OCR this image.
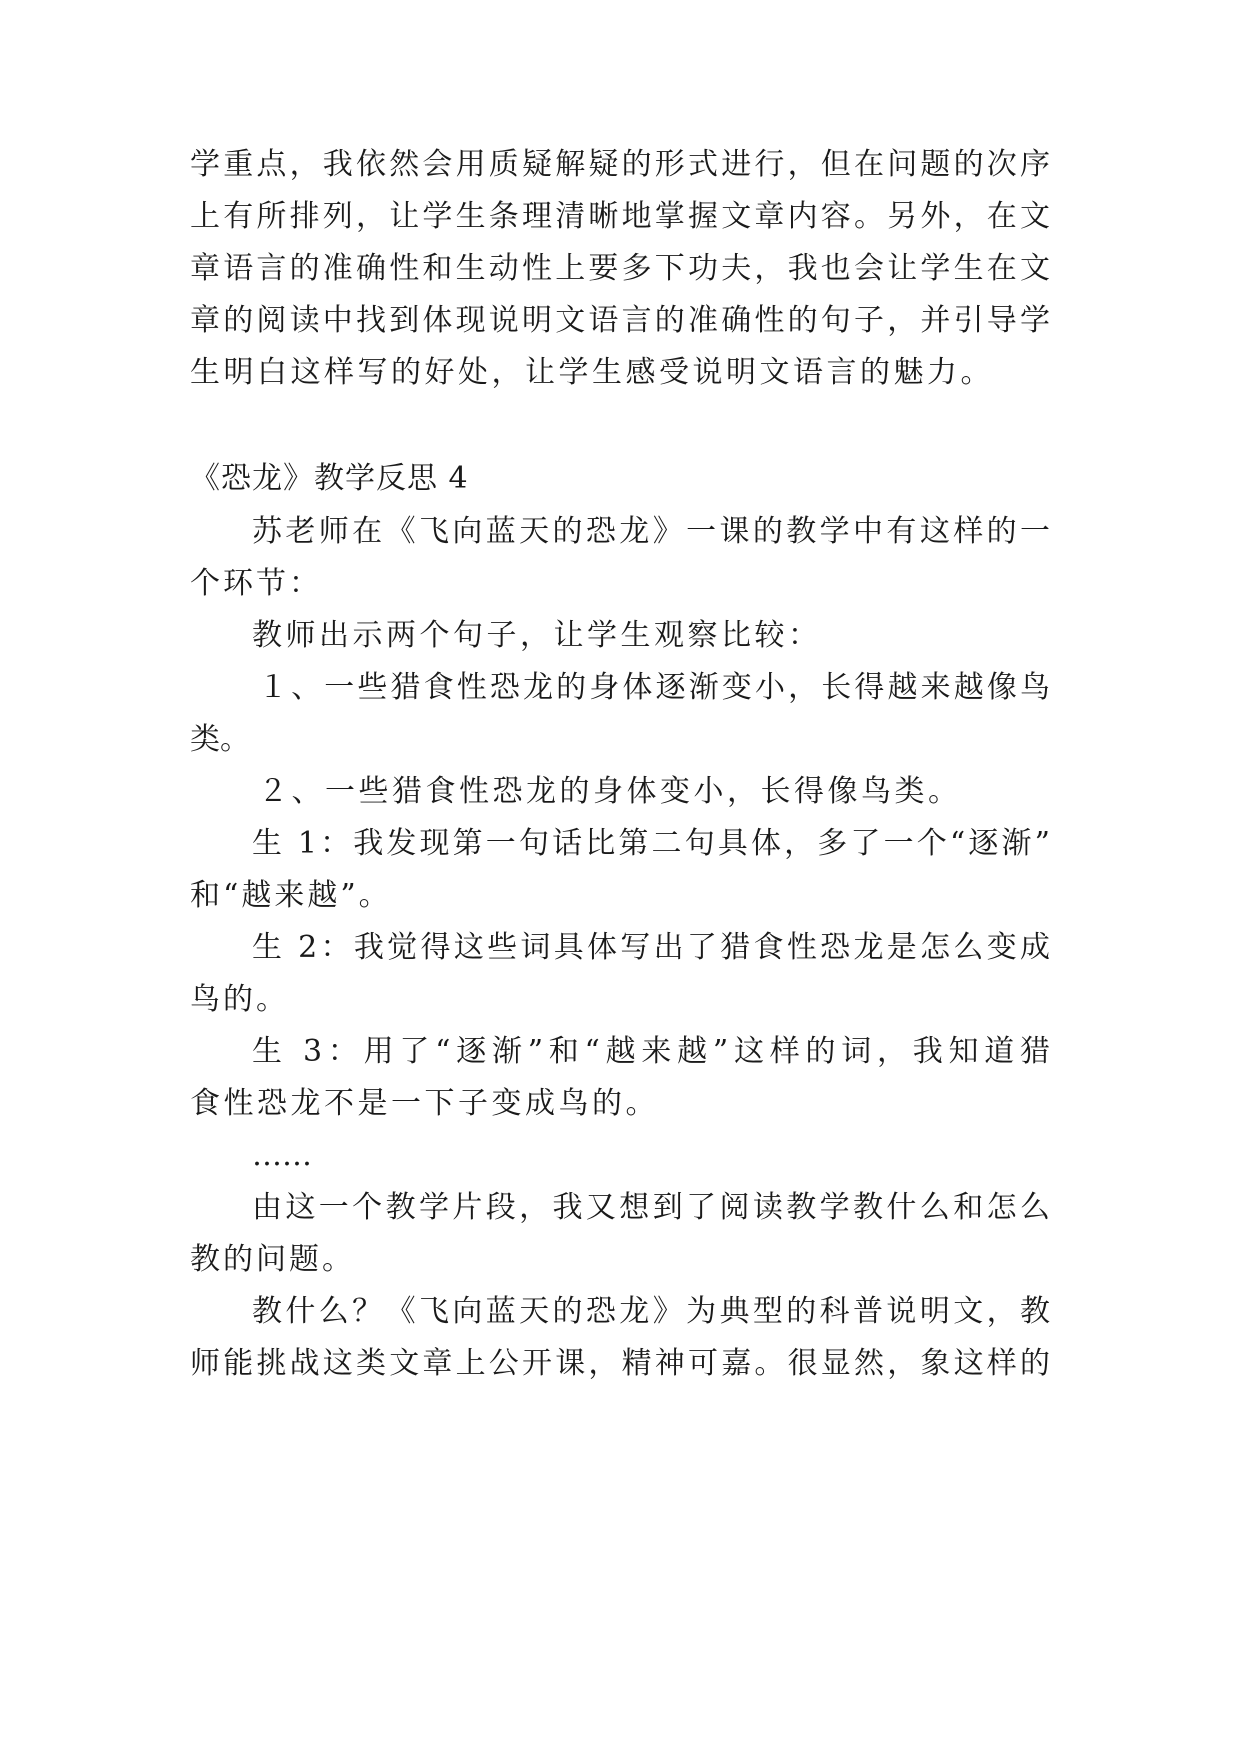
学重点，我依然会用质疑解疑的形式进行，但在问题的次序
上有所排列，让学生条理清晰地掌握文章内容。另外，在文
章语言的准确性和生动性上要多下功夫，我也会让学生在文
章的阅读中找到体现说明文语言的准确性的句子，并引导学
生明白这样写的好处，让学生感受说明文语言的魅力。
《恐龙》教学反思 4
苏老师在《飞向蓝天的恐龙》一课的教学中有这样的一
个环节：
教师出示两个句子，让学生观察比较：
１、一些猎食性恐龙的身体逐渐变小，长得越来越像鸟
类。
２、一些猎食性恐龙的身体变小，长得像鸟类。
生 1：我发现第一句话比第二句具体，多了一个“逐渐”
和“越来越”。
生 2：我觉得这些词具体写出了猎食性恐龙是怎么变成
鸟的。
生 3：用了“逐渐”和“越来越”这样的词，我知道猎
食性恐龙不是一下子变成鸟的。
……
由这一个教学片段，我又想到了阅读教学教什么和怎么
教的问题。
教什么？《飞向蓝天的恐龙》为典型的科普说明文，教
师能挑战这类文章上公开课，精神可嘉。很显然，象这样的
